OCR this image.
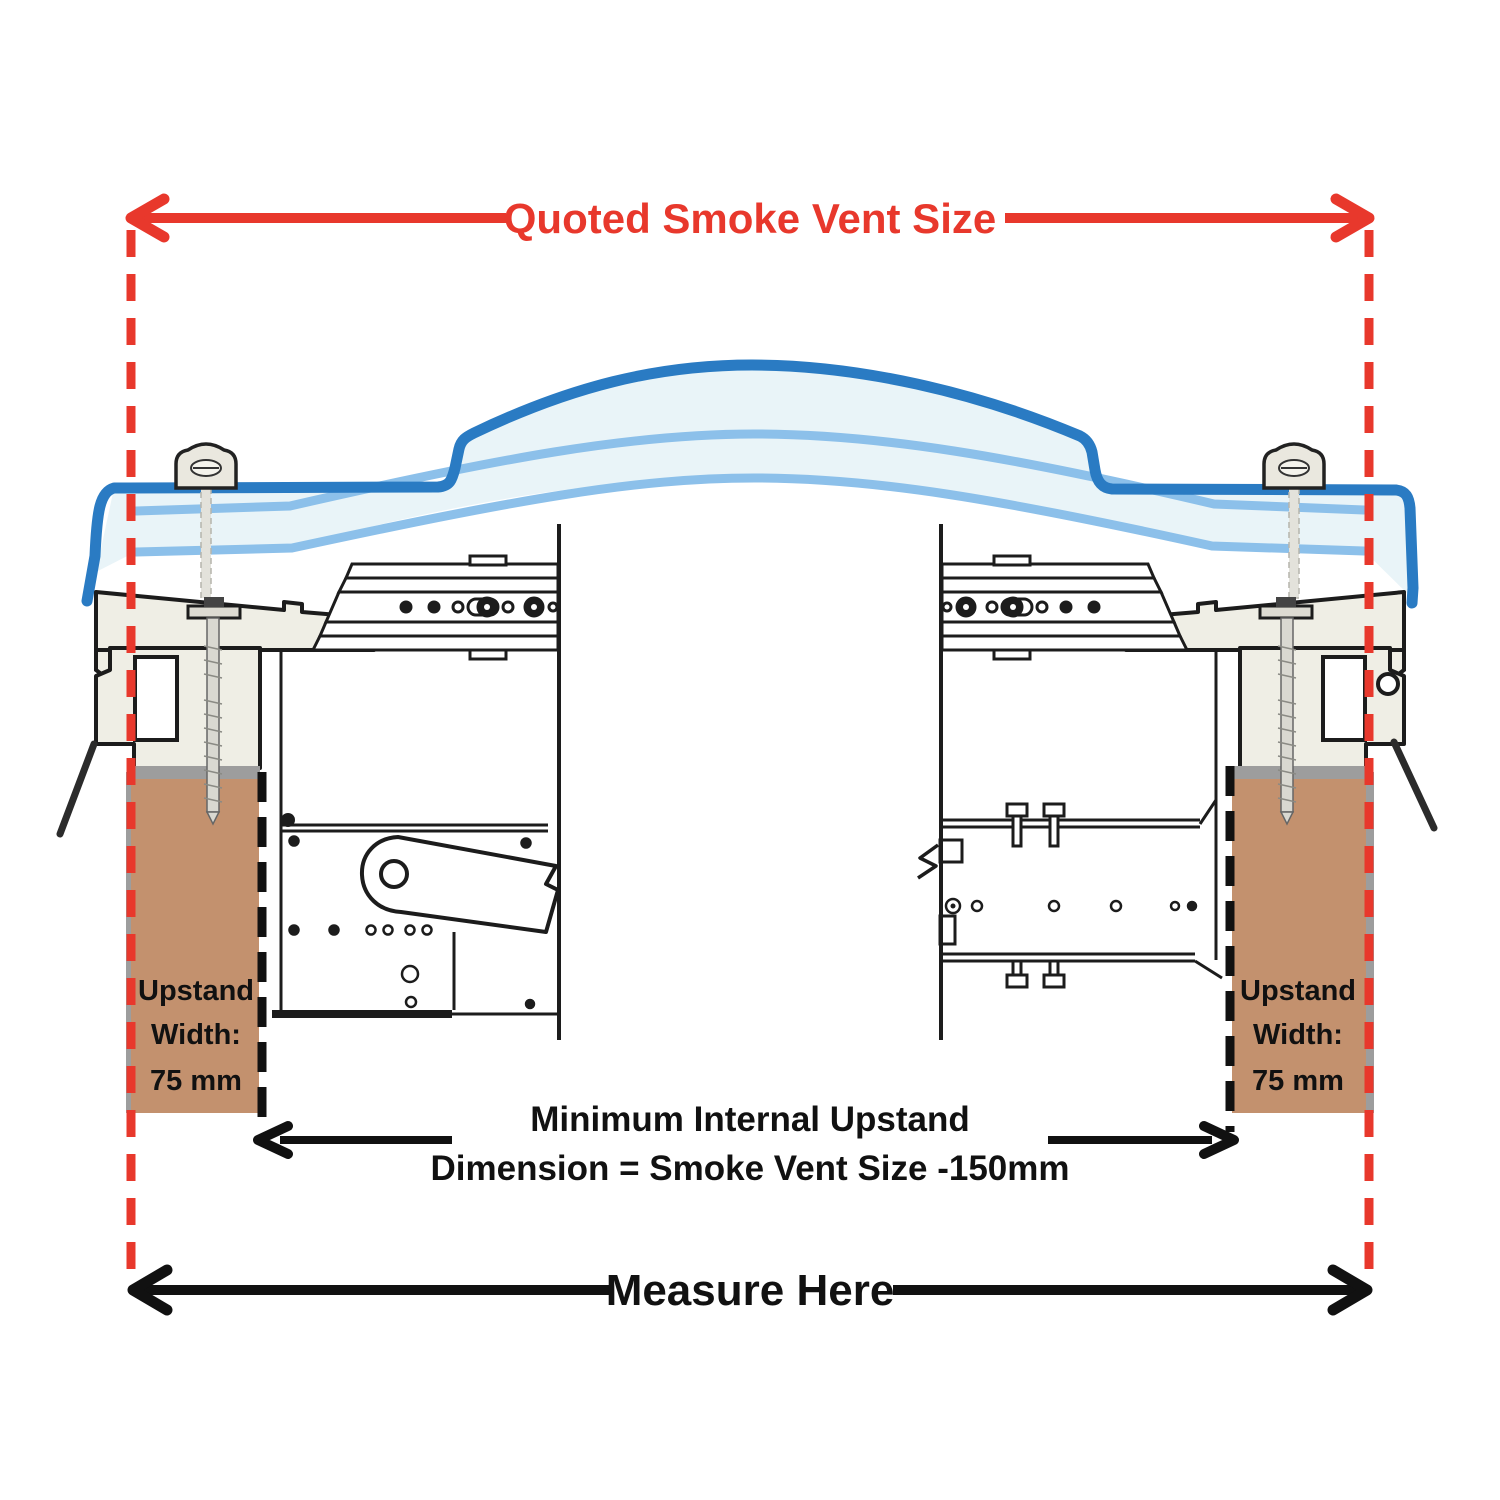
Upstand
Width:
75 mm
Upstand
Width:
75 mm
Minimum Internal Upstand
Dimension = Smoke Vent Size -150mm
Measure Here
Quoted Smoke Vent Size
